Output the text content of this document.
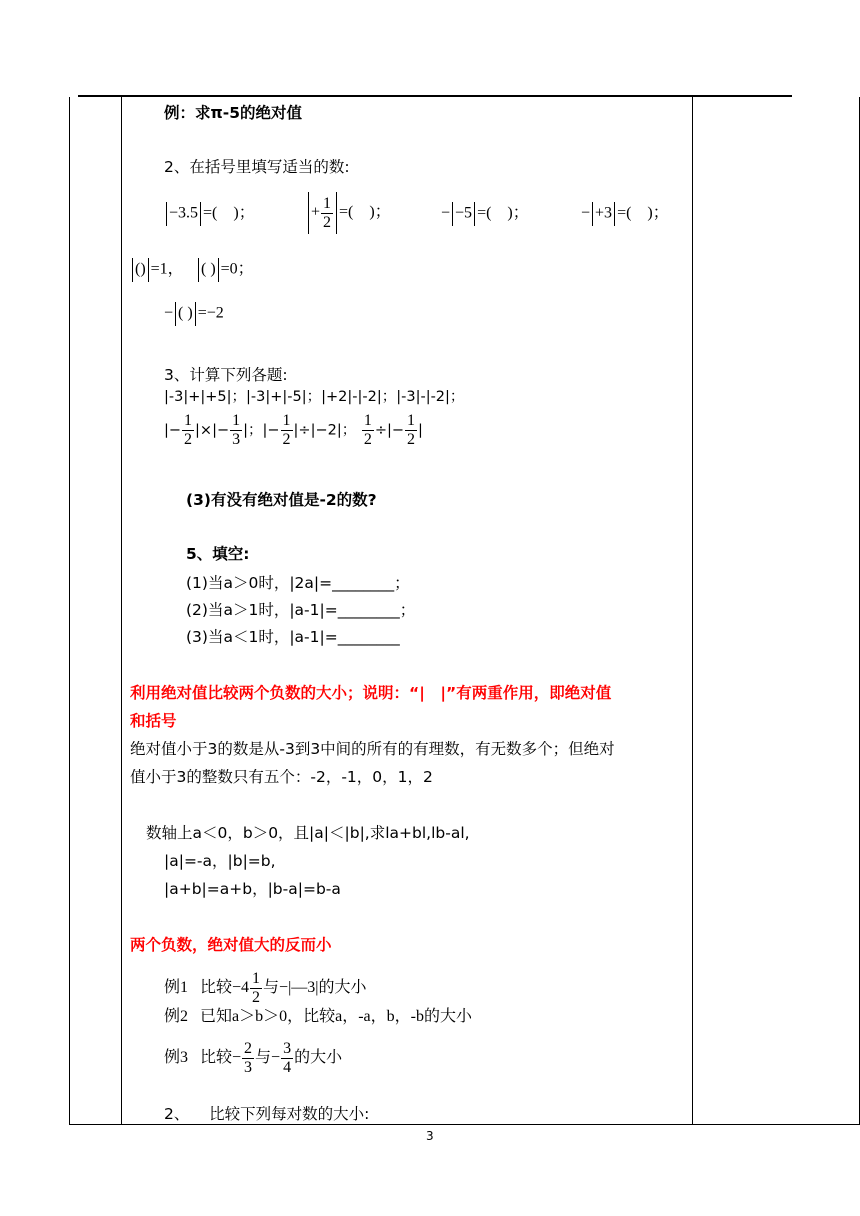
例：求π-5的绝对值
2、在括号里填写适当的数:
−3.5 =(　)；	+ $\frac{1}{2}$ =(　)；	− −5 =(　)；	− +3 =(　)；
() =1，	( ) =0；
− ( ) =−2
3、计算下列各题:
|-3|+|+5|；|-3|+|-5|；|+2|-|-2|；|-3|-|-2|；
|− $\frac{1}{2}$ |×|− $\frac{1}{3}$ |；|− $\frac{1}{2} |\div|-2|$； $\frac{1}{2}$ ÷|− $\frac{1}{2}$ |
(3)有没有绝对值是-2的数?
5、填空:
(1)当a＞0时，|2a|=________；
(2)当a＞1时，|a-1|=________；
(3)当a＜1时，|a-1|=________
利用绝对值比较两个负数的大小；说明：“|　|”有两重作用，即绝对值
和括号
绝对值小于3的数是从-3到3中间的所有的有理数，有无数多个；但绝对
值小于3的整数只有五个：-2，-1，0，1，2
数轴上a＜0，b＞0，且|a|＜|b|,求la+bl,lb-al,
|a|=-a，|b|=b,
|a+b|=a+b，|b-a|=b-a
两个负数，绝对值大的反而小
例1 比较$-4 \frac{1}{2}$ 与−|—3|的大小
例2 已知a＞b＞0，比较a，-a，b，-b的大小
例3 比较− $\frac{2}{3}$ 与− $\frac{3}{4}$ 的大小
2、 比较下列每对数的大小:
3
